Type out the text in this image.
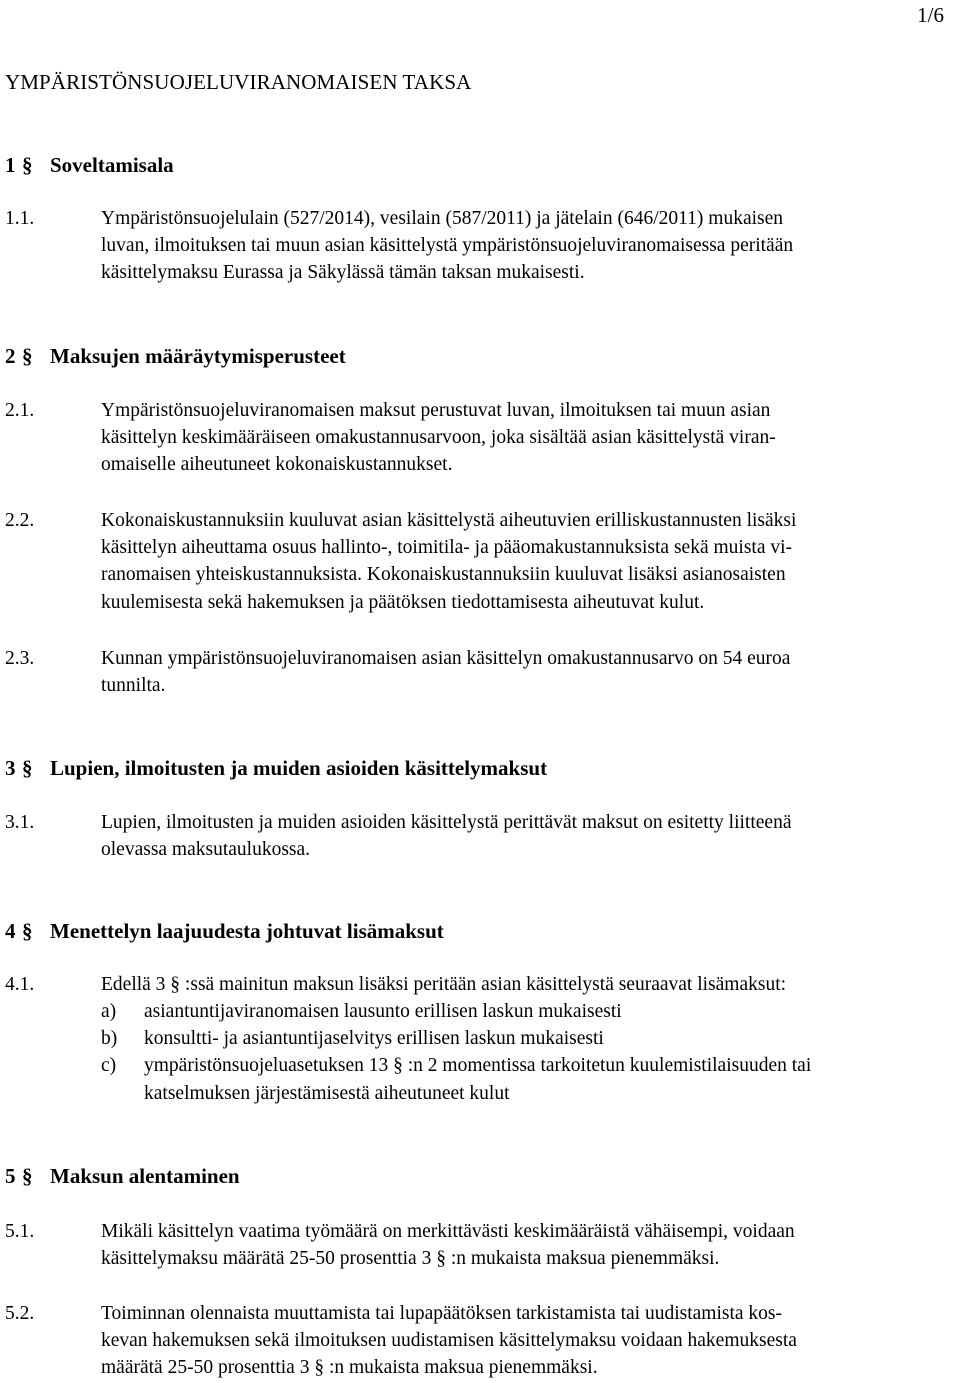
1/6
YMPÄRISTÖNSUOJELUVIRANOMAISEN TAKSA
1 § Soveltamisala
1.1.	Ympäristönsuojelulain (527/2014), vesilain (587/2011) ja jätelain (646/2011) mukaisen
luvan, ilmoituksen tai muun asian käsittelystä ympäristönsuojeluviranomaisessa peritään
käsittelymaksu Eurassa ja Säkylässä tämän taksan mukaisesti.
2 § Maksujen määräytymisperusteet
2.1.	Ympäristönsuojeluviranomaisen maksut perustuvat luvan, ilmoituksen tai muun asian
käsittelyn keskimääräiseen omakustannusarvoon, joka sisältää asian käsittelystä viran-
omaiselle aiheutuneet kokonaiskustannukset.
2.2.	Kokonaiskustannuksiin kuuluvat asian käsittelystä aiheutuvien erilliskustannusten lisäksi
käsittelyn aiheuttama osuus hallinto-, toimitila- ja pääomakustannuksista sekä muista vi-
ranomaisen yhteiskustannuksista. Kokonaiskustannuksiin kuuluvat lisäksi asianosaisten
kuulemisesta sekä hakemuksen ja päätöksen tiedottamisesta aiheutuvat kulut.
2.3.	Kunnan ympäristönsuojeluviranomaisen asian käsittelyn omakustannusarvo on 54 euroa
tunnilta.
3 § Lupien, ilmoitusten ja muiden asioiden käsittelymaksut
3.1.	Lupien, ilmoitusten ja muiden asioiden käsittelystä perittävät maksut on esitetty liitteenä
olevassa maksutaulukossa.
4 § Menettelyn laajuudesta johtuvat lisämaksut
4.1.	Edellä 3 § :ssä mainitun maksun lisäksi peritään asian käsittelystä seuraavat lisämaksut:
a) asiantuntijaviranomaisen lausunto erillisen laskun mukaisesti
b) konsultti- ja asiantuntijaselvitys erillisen laskun mukaisesti
c) ympäristönsuojeluasetuksen 13 § :n 2 momentissa tarkoitetun kuulemistilaisuuden tai
katselmuksen järjestämisestä aiheutuneet kulut
5 § Maksun alentaminen
5.1.	Mikäli käsittelyn vaatima työmäärä on merkittävästi keskimääräistä vähäisempi, voidaan
käsittelymaksu määrätä 25-50 prosenttia 3 § :n mukaista maksua pienemmäksi.
5.2.	Toiminnan olennaista muuttamista tai lupapäätöksen tarkistamista tai uudistamista kos-
kevan hakemuksen sekä ilmoituksen uudistamisen käsittelymaksu voidaan hakemuksesta
määrätä 25-50 prosenttia 3 § :n mukaista maksua pienemmäksi.
